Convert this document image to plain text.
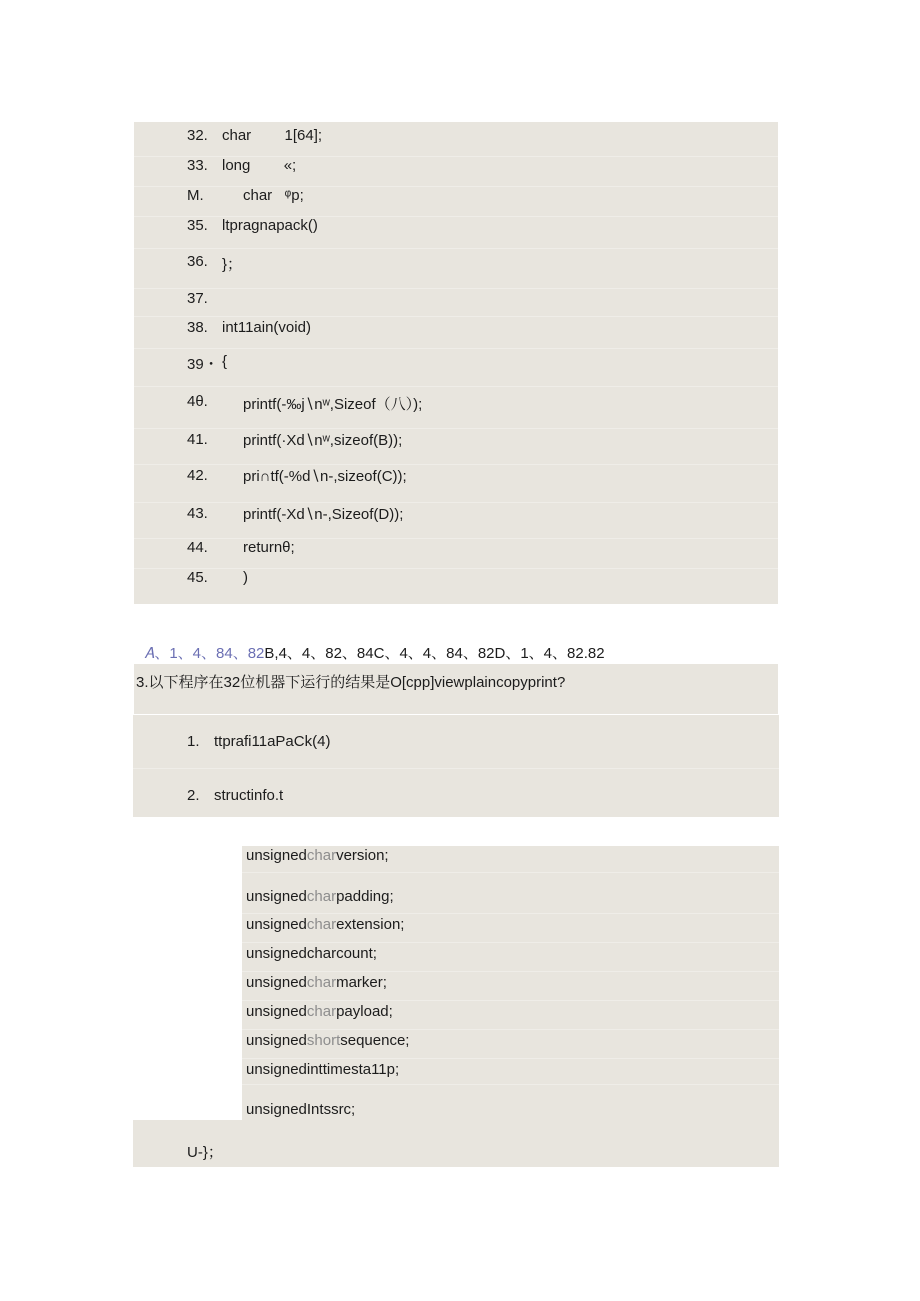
32. char        1[64];
33. long        «;
M.	char   ᵠp;
35. ltpragnapack()
36. }；
37.
38. int11ain(void)
39・ {
4θ. printf(-‰j∖nʷ,Sizeof（八）);
41. printf(·Xd∖nʷ,sizeof(B));
42. pri∩tf(-%d∖n-,sizeof(C));
43. printf(-Xd∖n-,Sizeof(D));
44. returnθ;
45. )

𝐴、1、4、84、82B,4、4、82、84C、4、4、84、82D、1、4、82.82

3.以下程序在32位机器下运行的结果是O[cpp]viewplaincopyprint?
1. ttprafi11aPaCk(4)
2. structinfo.t
unsignedcharversion;
unsignedcharpadding;
unsignedcharextension;
unsignedcharcount;
unsignedcharmarker;
unsignedcharpayload;
unsignedshortsequence;
unsignedinttimesta11p;
unsignedIntssrc;
U-}；
